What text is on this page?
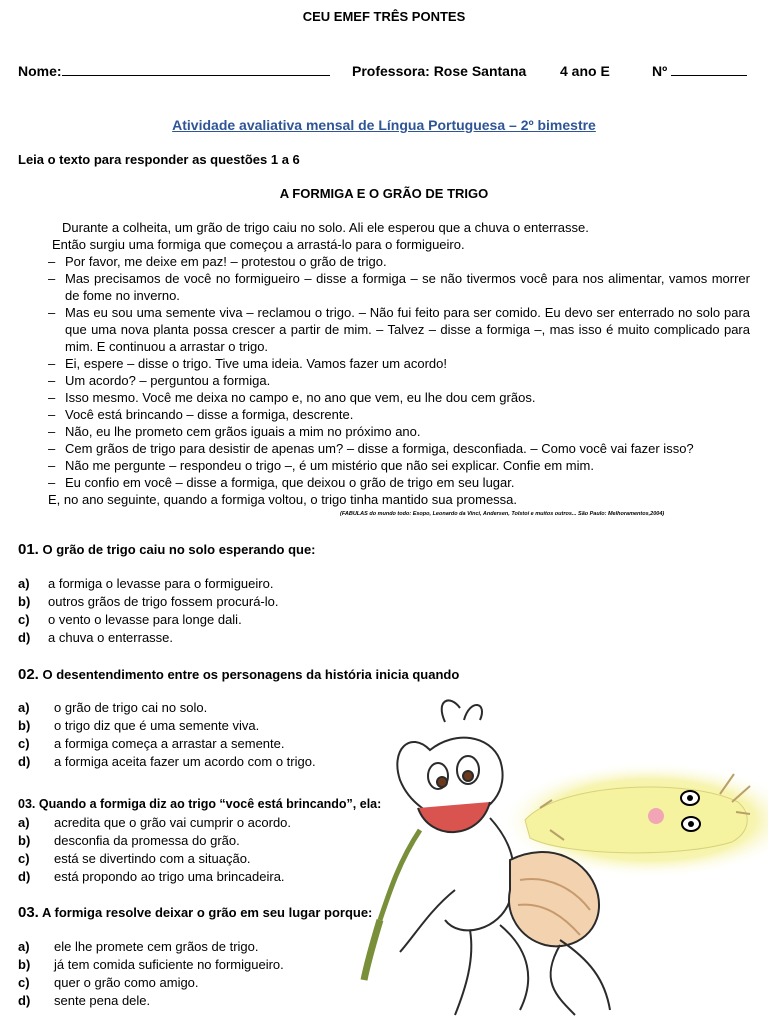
CEU EMEF TRÊS PONTES
Nome:	Professora: Rose Santana 4 ano E	Nº
Atividade avaliativa mensal de Língua Portuguesa – 2º bimestre
Leia o texto para responder as questões 1 a 6
A FORMIGA E O GRÃO DE TRIGO

Durante a colheita, um grão de trigo caiu no solo. Ali ele esperou que a chuva o enterrasse.

Então surgiu uma formiga que começou a arrastá-lo para o formigueiro.

– Por favor, me deixe em paz! – protestou o grão de trigo.
– Mas precisamos de você no formigueiro – disse a formiga – se não tivermos você para nos alimentar, vamos morrer de fome no inverno.
– Mas eu sou uma semente viva – reclamou o trigo. – Não fui feito para ser comido. Eu devo ser enterrado no solo para que uma nova planta possa crescer a partir de mim. – Talvez – disse a formiga –, mas isso é muito complicado para mim. E continuou a arrastar o trigo.
– Ei, espere – disse o trigo. Tive uma ideia. Vamos fazer um acordo!
– Um acordo? – perguntou a formiga.
– Isso mesmo. Você me deixa no campo e, no ano que vem, eu lhe dou cem grãos.
– Você está brincando – disse a formiga, descrente.
– Não, eu lhe prometo cem grãos iguais a mim no próximo ano.
– Cem grãos de trigo para desistir de apenas um? – disse a formiga, desconfiada. – Como você vai fazer isso?
– Não me pergunte – respondeu o trigo –, é um mistério que não sei explicar. Confie em mim.
– Eu confio em você – disse a formiga, que deixou o grão de trigo em seu lugar.

E, no ano seguinte, quando a formiga voltou, o trigo tinha mantido sua promessa.

(FABULAS do mundo todo: Esopo, Leonardo da Vinci, Andersen, Tolstoi e muitos outros... São Paulo: Melhoramentos,2004)
01. O grão de trigo caiu no solo esperando que:
a) a formiga o levasse para o formigueiro.
b) outros grãos de trigo fossem procurá-lo.
c) o vento o levasse para longe dali.
d) a chuva o enterrasse.
02. O desentendimento entre os personagens da história inicia quando
a) o grão de trigo cai no solo.
b) o trigo diz que é uma semente viva.
c) a formiga começa a arrastar a semente.
d) a formiga aceita fazer um acordo com o trigo.
03. Quando a formiga diz ao trigo “você está brincando”, ela:
a) acredita que o grão vai cumprir o acordo.
b) desconfia da promessa do grão.
c) está se divertindo com a situação.
d) está propondo ao trigo uma brincadeira.
03. A formiga resolve deixar o grão em seu lugar porque:
a) ele lhe promete cem grãos de trigo.
b) já tem comida suficiente no formigueiro.
c) quer o grão como amigo.
d) sente pena dele.
